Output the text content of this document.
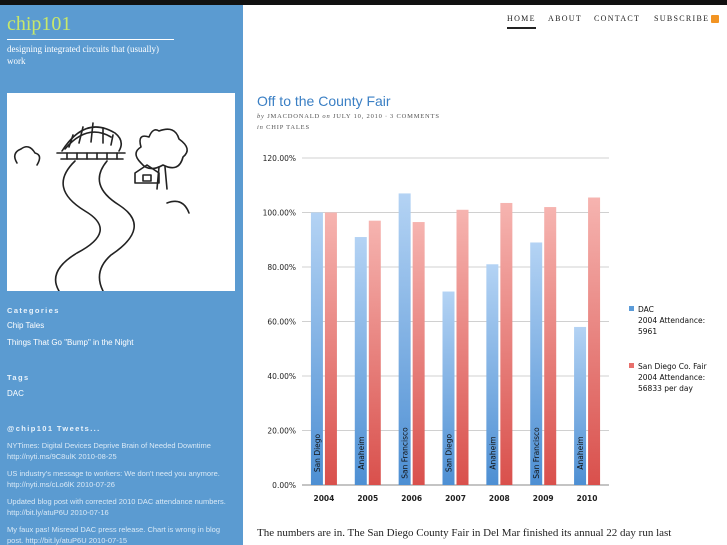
chip101
designing integrated circuits that (usually) work
Categories
Chip Tales
Things That Go "Bump" in the Night
Tags
DAC
@chip101 Tweets...
NYTimes: Digital Devices Deprive Brain of Needed Downtime http://nyti.ms/9C8ulK 2010-08-25
US industry's message to workers: We don't need you anymore. http://nyti.ms/cLo6lK 2010-07-26
Updated blog post with corrected 2010 DAC attendance numbers. http://bit.ly/atuP6U 2010-07-16
My faux pas! Misread DAC press release. Chart is wrong in blog post. http://bit.ly/atuP6U 2010-07-15
HOME ABOUT CONTACT SUBSCRIBE
Off to the County Fair
by JMACDONALD on JULY 10, 2010 · 3 COMMENTS
in CHIP TALES
0.00%
20.00%
40.00%
60.00%
80.00%
100.00%
120.00%
San Diego
2004
Anaheim
2005
San Francisco
2006
San Diego
2007
Anaheim
2008
San Francisco
2009
Anaheim
2010
DAC
2004 Attendance:
5961
San Diego Co. Fair
2004 Attendance:
56833 per day
The numbers are in. The San Diego County Fair in Del Mar finished its annual 22 day run last
